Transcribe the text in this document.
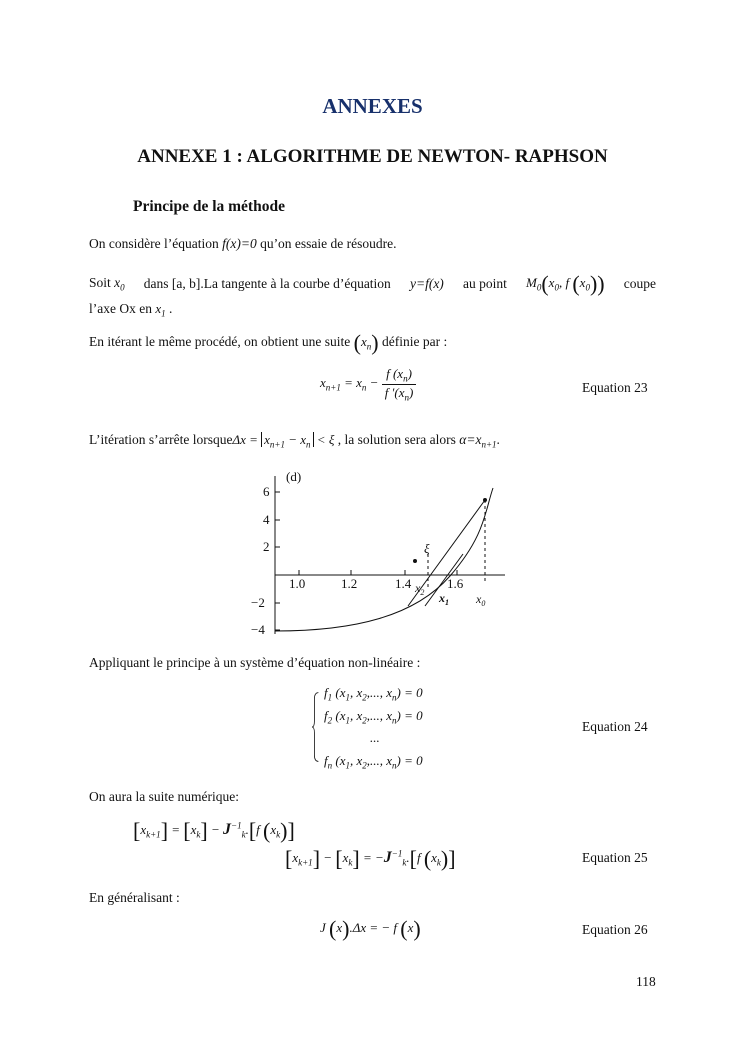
ANNEXES
ANNEXE 1 : ALGORITHME DE NEWTON- RAPHSON
Principe de la méthode
On considère l’équation f(x)=0 qu’on essaie de résoudre.
Soit $x_0$ dans [a, b].La tangente à la courbe d’équation y=f(x) au point $M_0(x_0$, f $(x_0)$) coupe
l’axe Ox en $x_1$ .
En itérant le même procédé, on obtient une suite $(x_n)$ définie par :
$x_{n+1} = x_n - \frac{f (x_n)}{f '(x_n)}$	Equation 23
L’itération s’arrête lorsqueΔx = $x_{n+1} - x_n < \xi$ , la solution sera alors $\alpha=x_{n+1}$.
6
4
2
−2
−4
1.0	1.2	1.4	1.6
(d)
ξ
$x_2$ $x_1$ $x_0$
Appliquant le principe à un système d’équation non-linéaire :
$f_1$ ($x_1$, $x_2$,..., $x_n) = 0$
$f_2$ ($x_1$, $x_2$,..., $x_n) = 0$
...
$f_n$ ($x_1$, $x_2$,..., $x_n) = 0$
Equation 24
On aura la suite numérique:
$[x_{k+1}] = [x_k] - J^{-1}_k.[f$ $(x_k)$]
$[x_{k+1}] - [x_k] = -J^{-1}_k.[f$ $(x_k)$]	Equation 25
En généralisant :
J (x).Δx = − f (x)	Equation 26
118
